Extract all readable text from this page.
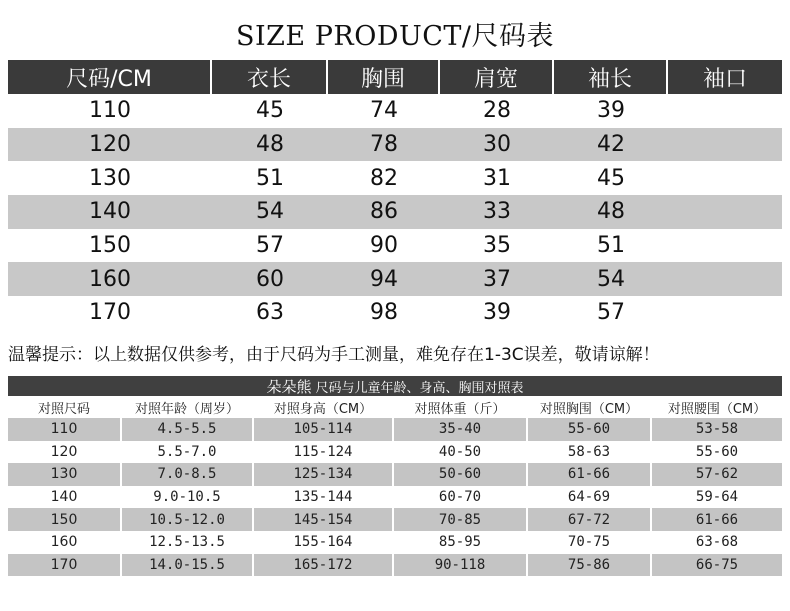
SIZE PRODUCT/尺码表
尺码/CM	衣长	胸围	肩宽	袖长	袖口
110	45	74	28	39
120	48	78	30	42
130	51	82	31	45
140	54	86	33	48
150	57	90	35	51
160	60	94	37	54
170	63	98	39	57
温馨提示：以上数据仅供参考，由于尺码为手工测量，难免存在1-3C误差，敬请谅解！
朵朵熊 尺码与儿童年龄、身高、胸围对照表
对照尺码	对照年龄（周岁）	对照身高（CM）	对照体重（斤）	对照胸围（CM）	对照腰围（CM）
110	4.5-5.5	105-114	35-40	55-60	53-58
120	5.5-7.0	115-124	40-50	58-63	55-60
130	7.0-8.5	125-134	50-60	61-66	57-62
140	9.0-10.5	135-144	60-70	64-69	59-64
150	10.5-12.0	145-154	70-85	67-72	61-66
160	12.5-13.5	155-164	85-95	70-75	63-68
170	14.0-15.5	165-172	90-118	75-86	66-75
